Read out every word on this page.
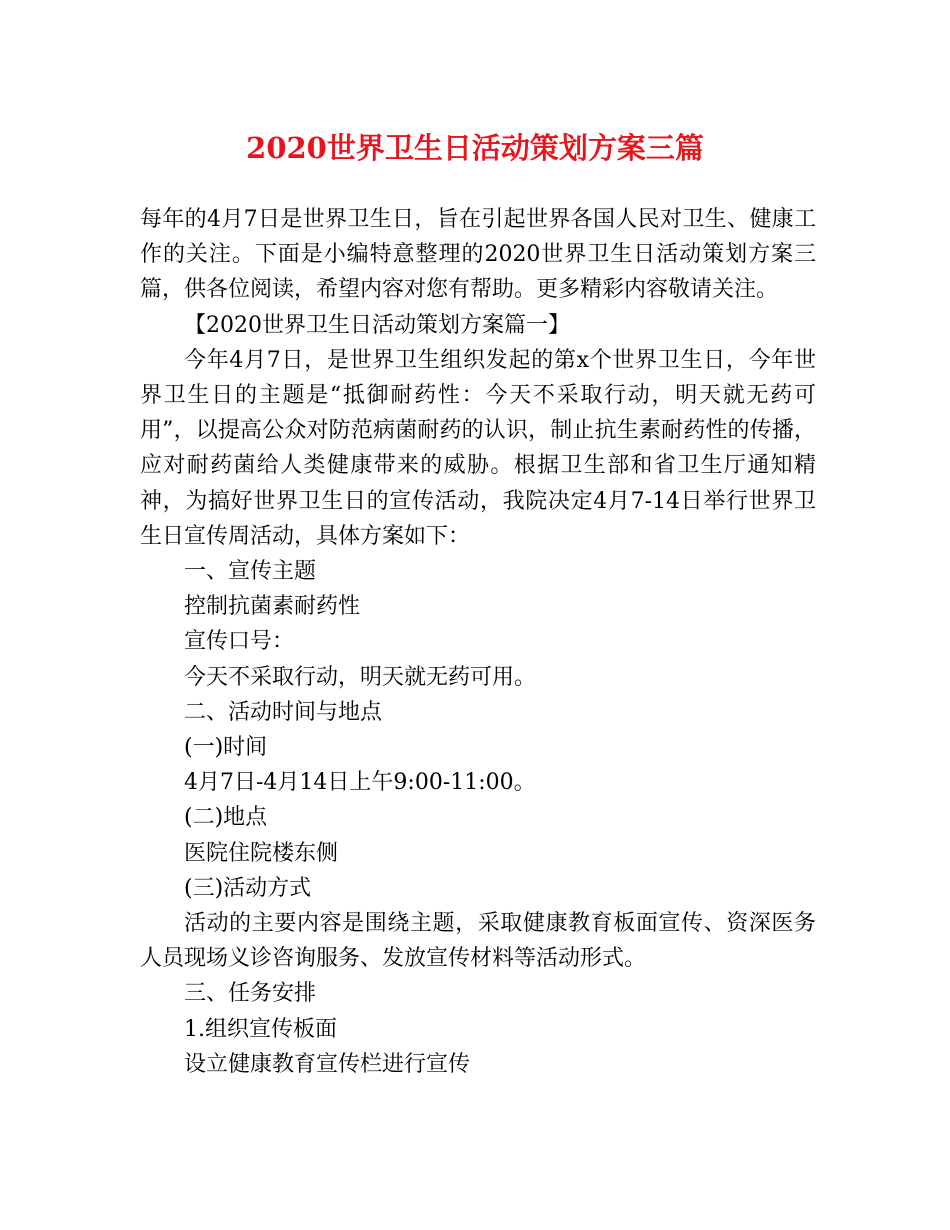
2020世界卫生日活动策划方案三篇

每年的4月7日是世界卫生日，旨在引起世界各国人民对卫生、健康工作的关注。下面是小编特意整理的2020世界卫生日活动策划方案三篇，供各位阅读，希望内容对您有帮助。更多精彩内容敬请关注。

【2020世界卫生日活动策划方案篇一】

今年4月7日，是世界卫生组织发起的第x个世界卫生日，今年世界卫生日的主题是“抵御耐药性：今天不采取行动，明天就无药可用”，以提高公众对防范病菌耐药的认识，制止抗生素耐药性的传播，应对耐药菌给人类健康带来的威胁。根据卫生部和省卫生厅通知精神，为搞好世界卫生日的宣传活动，我院决定4月7-14日举行世界卫生日宣传周活动，具体方案如下：

一、宣传主题

控制抗菌素耐药性

宣传口号：

今天不采取行动，明天就无药可用。

二、活动时间与地点

(一)时间

4月7日-4月14日上午9:00-11:00。

(二)地点

医院住院楼东侧

(三)活动方式

活动的主要内容是围绕主题，采取健康教育板面宣传、资深医务人员现场义诊咨询服务、发放宣传材料等活动形式。

三、任务安排

1.组织宣传板面

设立健康教育宣传栏进行宣传
